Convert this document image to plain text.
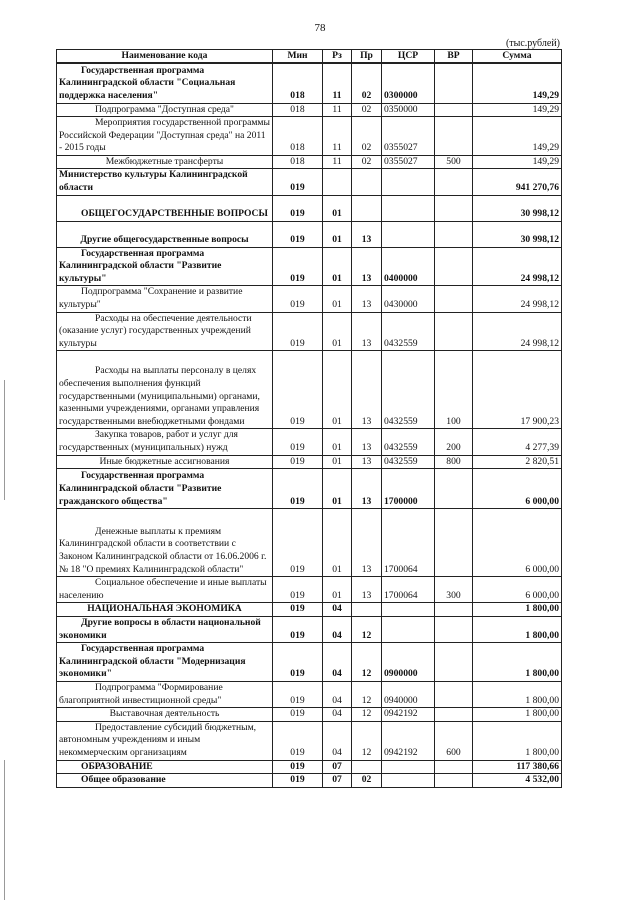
78
(тыс.рублей)
Наименование кода	Мин	Рз	Пр	ЦСР	ВР	Сумма
Государственная программа Калининградской области "Социальная поддержка населения"	018	11	02	0300000		149,29
Подпрограмма "Доступная среда"	018	11	02	0350000		149,29
Мероприятия государственной программы Российской Федерации "Доступная среда" на 2011 - 2015 годы	018	11	02	0355027		149,29
Межбюджетные трансферты	018	11	02	0355027	500	149,29
Министерство культуры Калининградской области	019					941 270,76
ОБЩЕГОСУДАРСТВЕННЫЕ ВОПРОСЫ	019	01				30 998,12
Другие общегосударственные вопросы	019	01	13			30 998,12
Государственная программа Калининградской области "Развитие культуры"	019	01	13	0400000		24 998,12
Подпрограмма "Сохранение и развитие культуры"	019	01	13	0430000		24 998,12
Расходы на обеспечение деятельности (оказание услуг) государственных учреждений культуры	019	01	13	0432559		24 998,12
Расходы на выплаты персоналу в целях обеспечения выполнения функций государственными (муниципальными) органами, казенными учреждениями, органами управления государственными внебюджетными фондами	019	01	13	0432559	100	17 900,23
Закупка товаров, работ и услуг для государственных (муниципальных) нужд	019	01	13	0432559	200	4 277,39
Иные бюджетные ассигнования	019	01	13	0432559	800	2 820,51
Государственная программа Калининградской области "Развитие гражданского общества"	019	01	13	1700000		6 000,00
Денежные выплаты к премиям Калининградской области в соответствии с Законом Калининградской области от 16.06.2006 г. № 18 "О премиях Калининградской области"	019	01	13	1700064		6 000,00
Социальное обеспечение и иные выплаты населению	019	01	13	1700064	300	6 000,00
НАЦИОНАЛЬНАЯ ЭКОНОМИКА	019	04				1 800,00
Другие вопросы в области национальной экономики	019	04	12			1 800,00
Государственная программа Калининградской области "Модернизация экономики"	019	04	12	0900000		1 800,00
Подпрограмма "Формирование благоприятной инвестиционной среды"	019	04	12	0940000		1 800,00
Выставочная деятельность	019	04	12	0942192		1 800,00
Предоставление субсидий бюджетным, автономным учреждениям и иным некоммерческим организациям	019	04	12	0942192	600	1 800,00
ОБРАЗОВАНИЕ	019	07				117 380,66
Общее образование	019	07	02			4 532,00
